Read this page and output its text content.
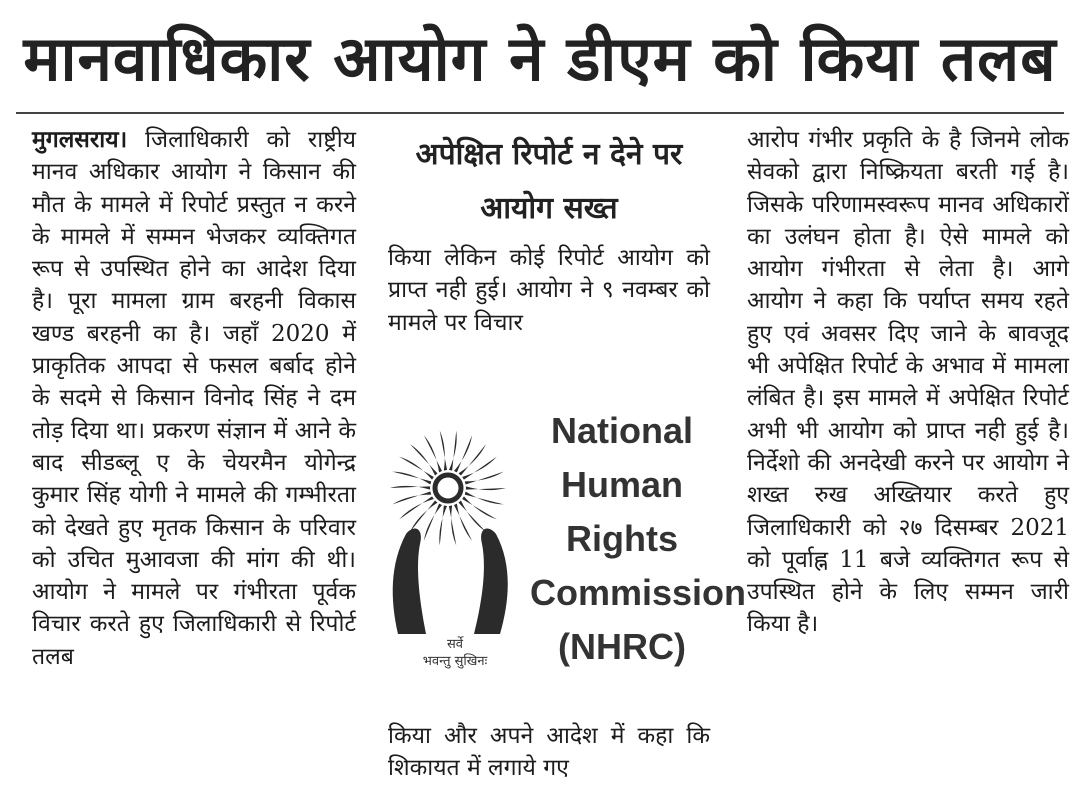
मानवाधिकार आयोग ने डीएम को किया तलब
मुगलसराय। जिलाधिकारी को राष्ट्रीय मानव अधिकार आयोग ने किसान की मौत के मामले में रिपोर्ट प्रस्तुत न करने के मामले में सम्मन भेजकर व्यक्तिगत रूप से उपस्थित होने का आदेश दिया है। पूरा मामला ग्राम बरहनी विकास खण्ड बरहनी का है। जहाँ 2020 में प्राकृतिक आपदा से फसल बर्बाद होने के सदमे से किसान विनोद सिंह ने दम तोड़ दिया था। प्रकरण संज्ञान में आने के बाद सीडब्लू ए के चेयरमैन योगेन्द्र कुमार सिंह योगी ने मामले की गम्भीरता को देखते हुए मृतक किसान के परिवार को उचित मुआवजा की मांग की थी। आयोग ने मामले पर गंभीरता पूर्वक विचार करते हुए जिलाधिकारी से रिपोर्ट तलब
अपेक्षित रिपोर्ट न देने पर आयोग सख्त
किया लेकिन कोई रिपोर्ट आयोग को प्राप्त नही हुई। आयोग ने ९ नवम्बर को मामले पर विचार
सर्वे
भवन्तु सुखिनः
National
Human
Rights
Commission
(NHRC)
किया और अपने आदेश में कहा कि शिकायत में लगाये गए
आरोप गंभीर प्रकृति के है जिनमे लोक सेवको द्वारा निष्क्रियता बरती गई है। जिसके परिणामस्वरूप मानव अधिकारों का उलंघन होता है। ऐसे मामले को आयोग गंभीरता से लेता है। आगे आयोग ने कहा कि पर्याप्त समय रहते हुए एवं अवसर दिए जाने के बावजूद भी अपेक्षित रिपोर्ट के अभाव में मामला लंबित है। इस मामले में अपेक्षित रिपोर्ट अभी भी आयोग को प्राप्त नही हुई है। निर्देशो की अनदेखी करने पर आयोग ने शख्त रुख अख्तियार करते हुए जिलाधिकारी को २७ दिसम्बर 2021 को पूर्वाह्न 11 बजे व्यक्तिगत रूप से उपस्थित होने के लिए सम्मन जारी किया है।
